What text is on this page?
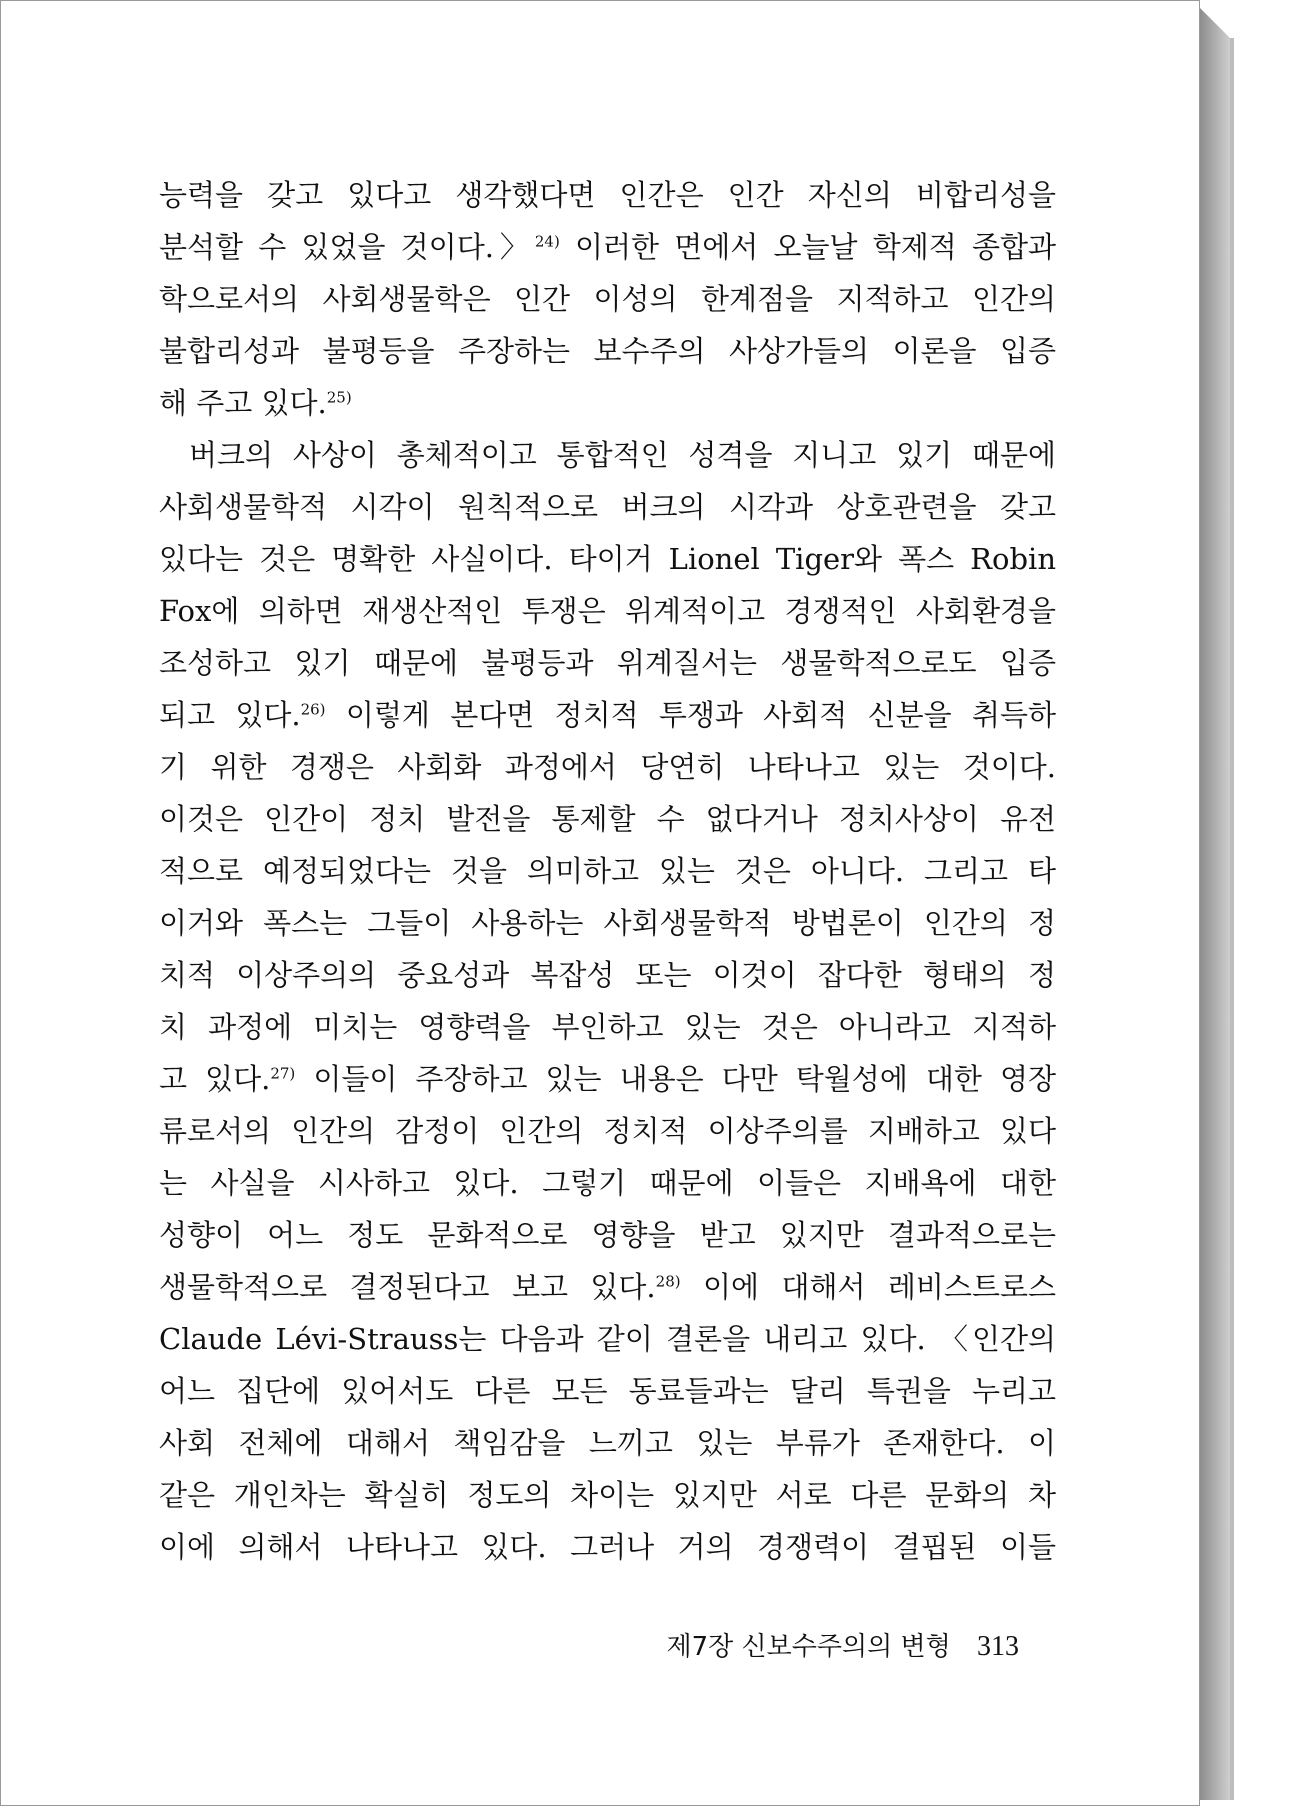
능력을 갖고 있다고 생각했다면 인간은 인간 자신의 비합리성을
분석할 수 있었을 것이다.〉$^{24)}$ 이러한 면에서 오늘날 학제적 종합과
학으로서의 사회생물학은 인간 이성의 한계점을 지적하고 인간의
불합리성과 불평등을 주장하는 보수주의 사상가들의 이론을 입증
해 주고 있다.$^{25)}$
버크의 사상이 총체적이고 통합적인 성격을 지니고 있기 때문에
사회생물학적 시각이 원칙적으로 버크의 시각과 상호관련을 갖고
있다는 것은 명확한 사실이다. 타이거 Lionel Tiger와 폭스 Robin
Fox에 의하면 재생산적인 투쟁은 위계적이고 경쟁적인 사회환경을
조성하고 있기 때문에 불평등과 위계질서는 생물학적으로도 입증
되고 있다.$^{26)}$ 이렇게 본다면 정치적 투쟁과 사회적 신분을 취득하
기 위한 경쟁은 사회화 과정에서 당연히 나타나고 있는 것이다.
이것은 인간이 정치 발전을 통제할 수 없다거나 정치사상이 유전
적으로 예정되었다는 것을 의미하고 있는 것은 아니다. 그리고 타
이거와 폭스는 그들이 사용하는 사회생물학적 방법론이 인간의 정
치적 이상주의의 중요성과 복잡성 또는 이것이 잡다한 형태의 정
치 과정에 미치는 영향력을 부인하고 있는 것은 아니라고 지적하
고 있다.$^{27)}$ 이들이 주장하고 있는 내용은 다만 탁월성에 대한 영장
류로서의 인간의 감정이 인간의 정치적 이상주의를 지배하고 있다
는 사실을 시사하고 있다. 그렇기 때문에 이들은 지배욕에 대한
성향이 어느 정도 문화적으로 영향을 받고 있지만 결과적으로는
생물학적으로 결정된다고 보고 있다.$^{28)}$ 이에 대해서 레비스트로스
Claude Lévi-Strauss는 다음과 같이 결론을 내리고 있다. 〈인간의
어느 집단에 있어서도 다른 모든 동료들과는 달리 특권을 누리고
사회 전체에 대해서 책임감을 느끼고 있는 부류가 존재한다. 이
같은 개인차는 확실히 정도의 차이는 있지만 서로 다른 문화의 차
이에 의해서 나타나고 있다. 그러나 거의 경쟁력이 결핍된 이들
제7장 신보수주의의 변형 313
